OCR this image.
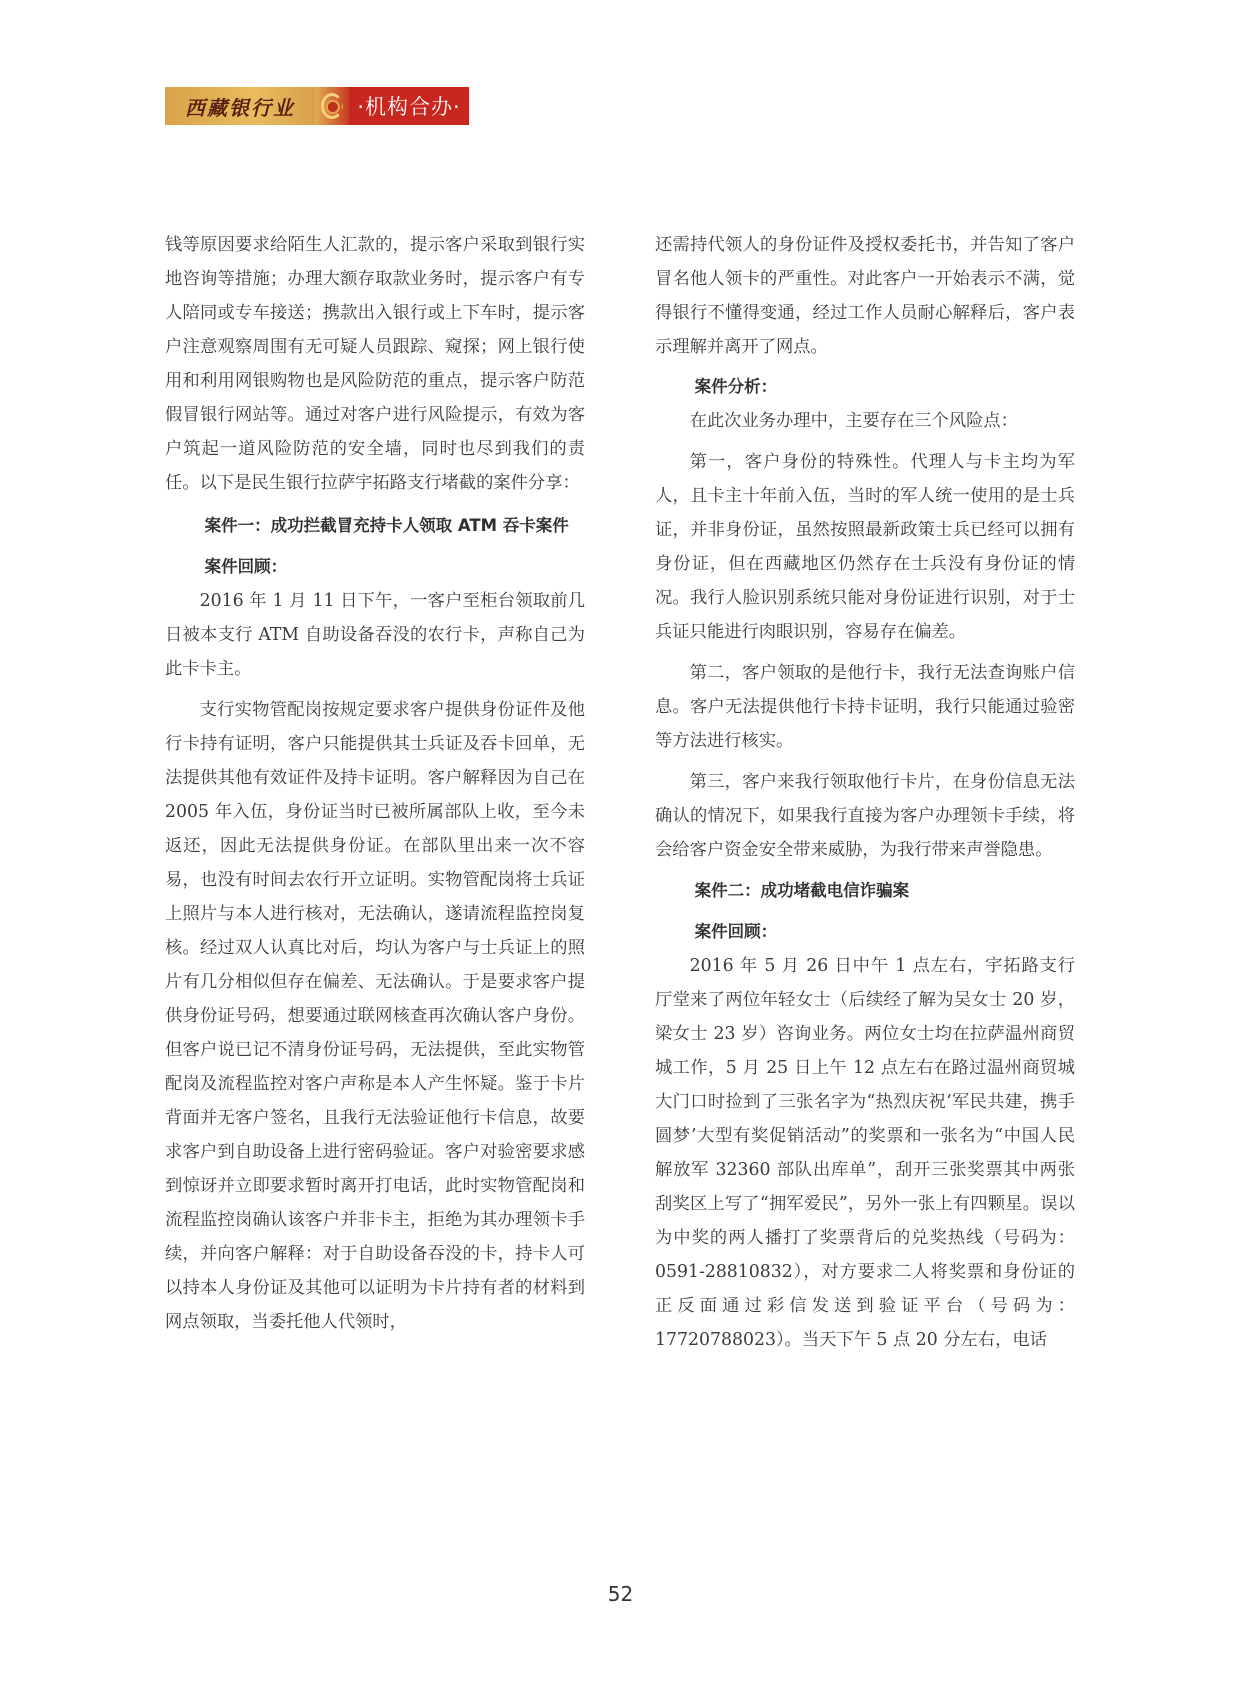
西藏银行业	·机构合办·

钱等原因要求给陌生人汇款的，提示客户采取到银行实地咨询等措施；办理大额存取款业务时，提示客户有专人陪同或专车接送；携款出入银行或上下车时，提示客户注意观察周围有无可疑人员跟踪、窥探；网上银行使用和利用网银购物也是风险防范的重点，提示客户防范假冒银行网站等。通过对客户进行风险提示，有效为客户筑起一道风险防范的安全墙，同时也尽到我们的责任。以下是民生银行拉萨宇拓路支行堵截的案件分享：

案件一：成功拦截冒充持卡人领取 ATM 吞卡案件
案件回顾：

2016 年 1 月 11 日下午，一客户至柜台领取前几日被本支行 ATM 自助设备吞没的农行卡，声称自己为此卡卡主。

支行实物管配岗按规定要求客户提供身份证件及他行卡持有证明，客户只能提供其士兵证及吞卡回单，无法提供其他有效证件及持卡证明。客户解释因为自己在 2005 年入伍，身份证当时已被所属部队上收，至今未返还，因此无法提供身份证。在部队里出来一次不容易，也没有时间去农行开立证明。实物管配岗将士兵证上照片与本人进行核对，无法确认，遂请流程监控岗复核。经过双人认真比对后，均认为客户与士兵证上的照片有几分相似但存在偏差、无法确认。于是要求客户提供身份证号码，想要通过联网核查再次确认客户身份。但客户说已记不清身份证号码，无法提供，至此实物管配岗及流程监控对客户声称是本人产生怀疑。鉴于卡片背面并无客户签名，且我行无法验证他行卡信息，故要求客户到自助设备上进行密码验证。客户对验密要求感到惊讶并立即要求暂时离开打电话，此时实物管配岗和流程监控岗确认该客户并非卡主，拒绝为其办理领卡手续，并向客户解释：对于自助设备吞没的卡，持卡人可以持本人身份证及其他可以证明为卡片持有者的材料到网点领取，当委托他人代领时，

还需持代领人的身份证件及授权委托书，并告知了客户冒名他人领卡的严重性。对此客户一开始表示不满，觉得银行不懂得变通，经过工作人员耐心解释后，客户表示理解并离开了网点。

案件分析：

在此次业务办理中，主要存在三个风险点：

第一，客户身份的特殊性。代理人与卡主均为军人，且卡主十年前入伍，当时的军人统一使用的是士兵证，并非身份证，虽然按照最新政策士兵已经可以拥有身份证，但在西藏地区仍然存在士兵没有身份证的情况。我行人脸识别系统只能对身份证进行识别，对于士兵证只能进行肉眼识别，容易存在偏差。

第二，客户领取的是他行卡，我行无法查询账户信息。客户无法提供他行卡持卡证明，我行只能通过验密等方法进行核实。

第三，客户来我行领取他行卡片，在身份信息无法确认的情况下，如果我行直接为客户办理领卡手续，将会给客户资金安全带来威胁，为我行带来声誉隐患。

案件二：成功堵截电信诈骗案
案件回顾：

2016 年 5 月 26 日中午 1 点左右，宇拓路支行厅堂来了两位年轻女士（后续经了解为吴女士 20 岁，梁女士 23 岁）咨询业务。两位女士均在拉萨温州商贸城工作，5 月 25 日上午 12 点左右在路过温州商贸城大门口时捡到了三张名字为“热烈庆祝‘军民共建，携手圆梦’大型有奖促销活动”的奖票和一张名为“中国人民解放军 32360 部队出库单”，刮开三张奖票其中两张刮奖区上写了“拥军爱民”，另外一张上有四颗星。误以为中奖的两人播打了奖票背后的兑奖热线（号码为：0591-28810832），对方要求二人将奖票和身份证的正反面通过彩信发送到验证平台（号码为：17720788023）。当天下午 5 点 20 分左右，电话

52
